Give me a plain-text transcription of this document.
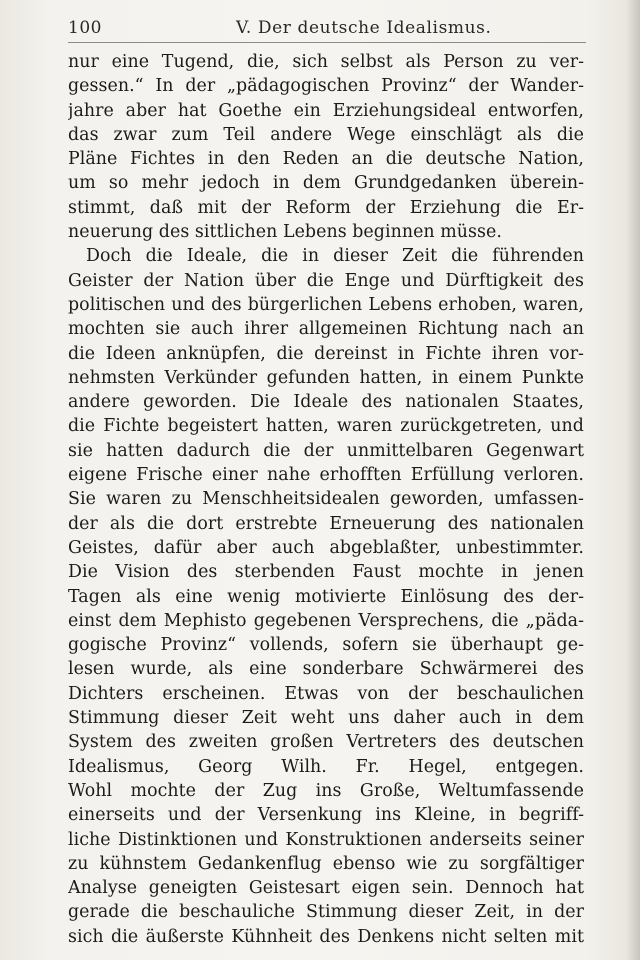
100	V. Der deutsche Idealismus.
nur eine Tugend, die, sich selbst als Person zu ver-
gessen.“ In der „pädagogischen Provinz“ der Wander-
jahre aber hat Goethe ein Erziehungsideal entworfen,
das zwar zum Teil andere Wege einschlägt als die
Pläne Fichtes in den Reden an die deutsche Nation,
um so mehr jedoch in dem Grundgedanken überein-
stimmt, daß mit der Reform der Erziehung die Er-
neuerung des sittlichen Lebens beginnen müsse.
Doch die Ideale, die in dieser Zeit die führenden
Geister der Nation über die Enge und Dürftigkeit des
politischen und des bürgerlichen Lebens erhoben, waren,
mochten sie auch ihrer allgemeinen Richtung nach an
die Ideen anknüpfen, die dereinst in Fichte ihren vor-
nehmsten Verkünder gefunden hatten, in einem Punkte
andere geworden. Die Ideale des nationalen Staates,
die Fichte begeistert hatten, waren zurückgetreten, und
sie hatten dadurch die der unmittelbaren Gegenwart
eigene Frische einer nahe erhofften Erfüllung verloren.
Sie waren zu Menschheitsidealen geworden, umfassen-
der als die dort erstrebte Erneuerung des nationalen
Geistes, dafür aber auch abgeblaßter, unbestimmter.
Die Vision des sterbenden Faust mochte in jenen
Tagen als eine wenig motivierte Einlösung des der-
einst dem Mephisto gegebenen Versprechens, die „päda-
gogische Provinz“ vollends, sofern sie überhaupt ge-
lesen wurde, als eine sonderbare Schwärmerei des
Dichters erscheinen. Etwas von der beschaulichen
Stimmung dieser Zeit weht uns daher auch in dem
System des zweiten großen Vertreters des deutschen
Idealismus, Georg Wilh. Fr. Hegel, entgegen.
Wohl mochte der Zug ins Große, Weltumfassende
einerseits und der Versenkung ins Kleine, in begriff-
liche Distinktionen und Konstruktionen anderseits seiner
zu kühnstem Gedankenflug ebenso wie zu sorgfältiger
Analyse geneigten Geistesart eigen sein. Dennoch hat
gerade die beschauliche Stimmung dieser Zeit, in der
sich die äußerste Kühnheit des Denkens nicht selten mit
